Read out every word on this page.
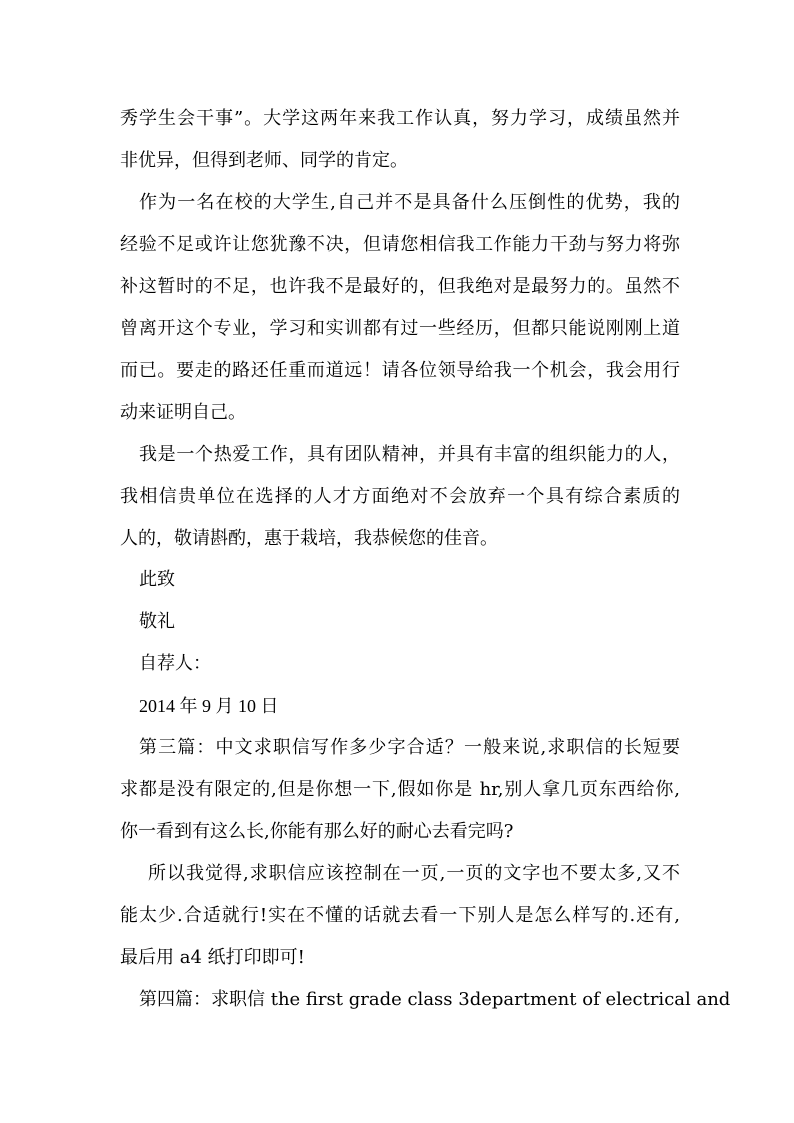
秀学生会干事”。大学这两年来我工作认真，努力学习，成绩虽然并
非优异，但得到老师、同学的肯定。
作为一名在校的大学生,自己并不是具备什么压倒性的优势，我的
经验不足或许让您犹豫不决，但请您相信我工作能力干劲与努力将弥
补这暂时的不足，也许我不是最好的，但我绝对是最努力的。虽然不
曾离开这个专业，学习和实训都有过一些经历，但都只能说刚刚上道
而已。要走的路还任重而道远！请各位领导给我一个机会，我会用行
动来证明自己。
我是一个热爱工作，具有团队精神，并具有丰富的组织能力的人，
我相信贵单位在选择的人才方面绝对不会放弃一个具有综合素质的
人的，敬请斟酌，惠于栽培，我恭候您的佳音。
此致
敬礼
自荐人：
2014 年 9 月 10 日
第三篇：中文求职信写作多少字合适？一般来说,求职信的长短要
求都是没有限定的,但是你想一下,假如你是 hr,别人拿几页东西给你,
你一看到有这么长,你能有那么好的耐心去看完吗?
所以我觉得,求职信应该控制在一页,一页的文字也不要太多,又不
能太少.合适就行!实在不懂的话就去看一下别人是怎么样写的.还有,
最后用 a4 纸打印即可!
第四篇：求职信 the first grade class 3department of electrical and
